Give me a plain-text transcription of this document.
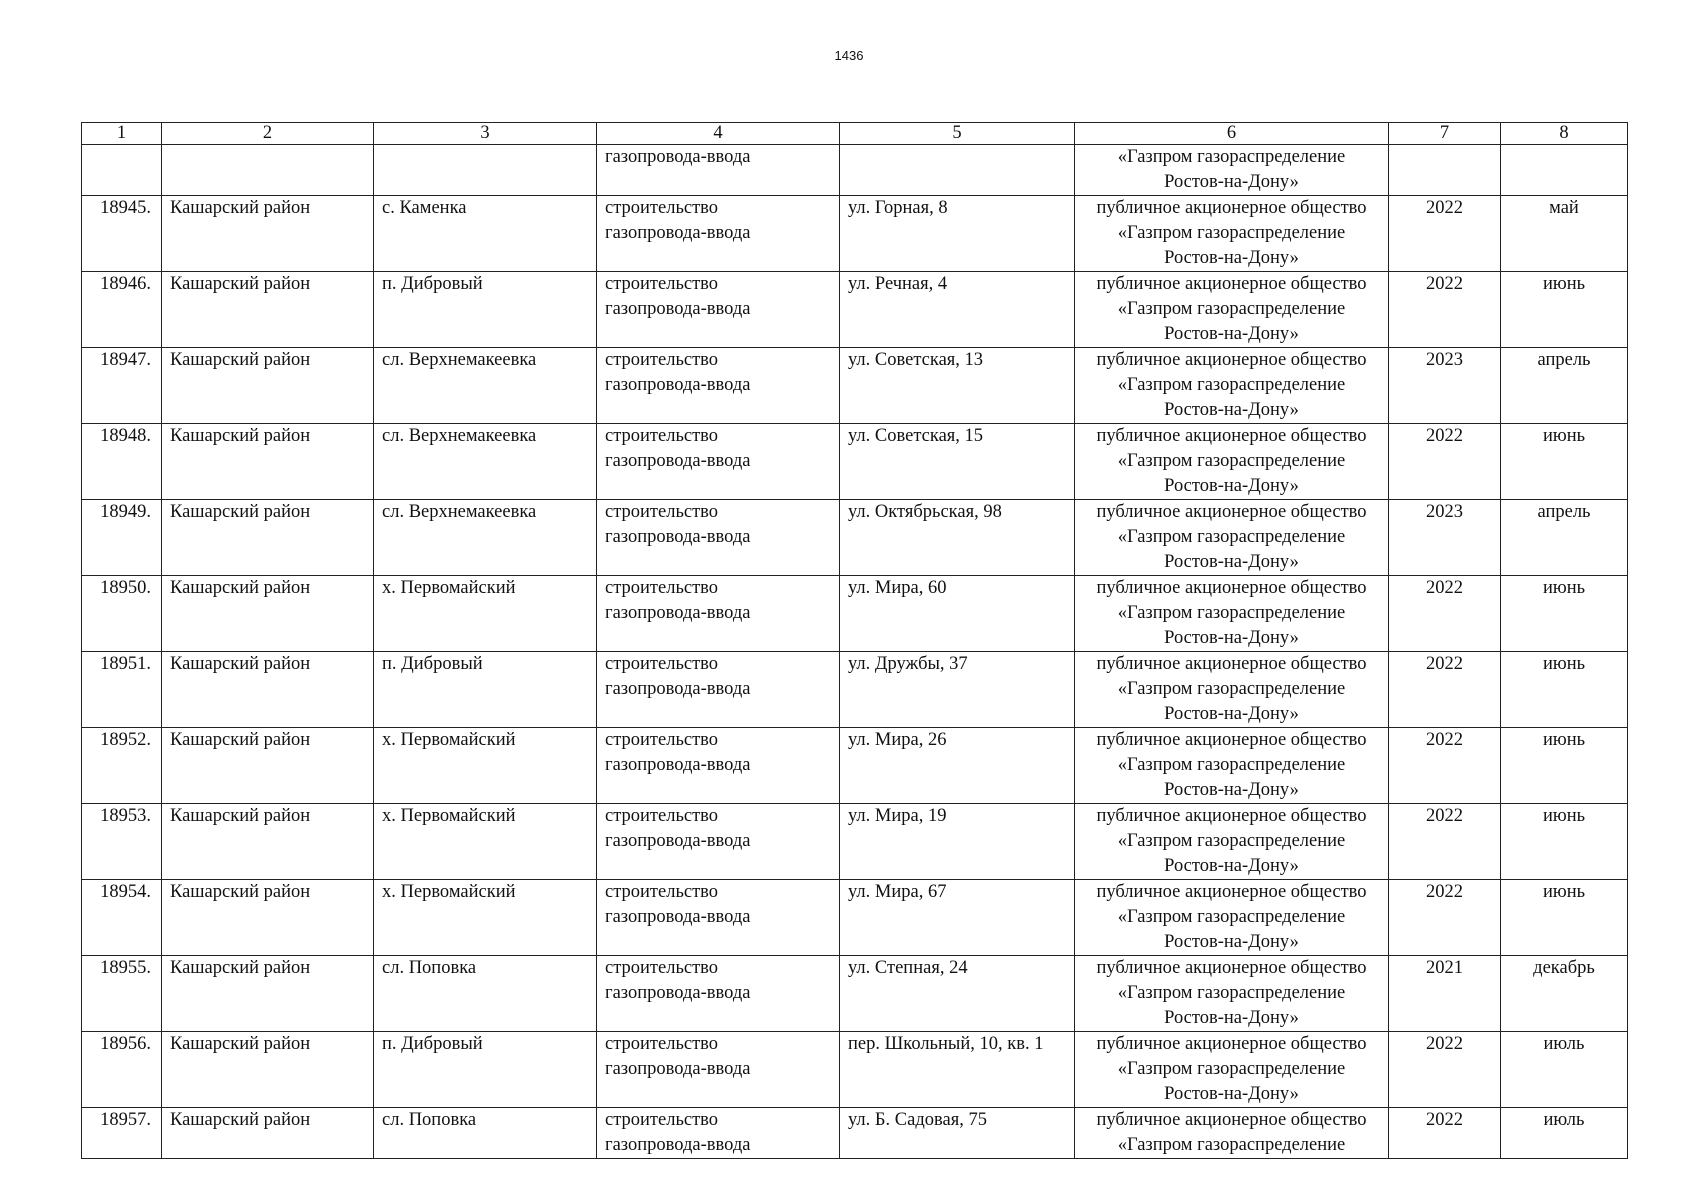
1436
1	2	3	4	5	6	7	8

			газопровода-ввода		«Газпром газораспределение
Ростов-на-Дону»		

18945.	Кашарский район	с. Каменка	строительство
газопровода-ввода	ул. Горная, 8	публичное акционерное общество
«Газпром газораспределение
Ростов-на-Дону»	2022	май
18946.	Кашарский район	п. Дибровый	строительство
газопровода-ввода	ул. Речная, 4	публичное акционерное общество
«Газпром газораспределение
Ростов-на-Дону»	2022	июнь
18947.	Кашарский район	сл. Верхнемакеевка	строительство
газопровода-ввода	ул. Советская, 13	публичное акционерное общество
«Газпром газораспределение
Ростов-на-Дону»	2023	апрель
18948.	Кашарский район	сл. Верхнемакеевка	строительство
газопровода-ввода	ул. Советская, 15	публичное акционерное общество
«Газпром газораспределение
Ростов-на-Дону»	2022	июнь
18949.	Кашарский район	сл. Верхнемакеевка	строительство
газопровода-ввода	ул. Октябрьская, 98	публичное акционерное общество
«Газпром газораспределение
Ростов-на-Дону»	2023	апрель
18950.	Кашарский район	х. Первомайский	строительство
газопровода-ввода	ул. Мира, 60	публичное акционерное общество
«Газпром газораспределение
Ростов-на-Дону»	2022	июнь
18951.	Кашарский район	п. Дибровый	строительство
газопровода-ввода	ул. Дружбы, 37	публичное акционерное общество
«Газпром газораспределение
Ростов-на-Дону»	2022	июнь
18952.	Кашарский район	х. Первомайский	строительство
газопровода-ввода	ул. Мира, 26	публичное акционерное общество
«Газпром газораспределение
Ростов-на-Дону»	2022	июнь
18953.	Кашарский район	х. Первомайский	строительство
газопровода-ввода	ул. Мира, 19	публичное акционерное общество
«Газпром газораспределение
Ростов-на-Дону»	2022	июнь
18954.	Кашарский район	х. Первомайский	строительство
газопровода-ввода	ул. Мира, 67	публичное акционерное общество
«Газпром газораспределение
Ростов-на-Дону»	2022	июнь
18955.	Кашарский район	сл. Поповка	строительство
газопровода-ввода	ул. Степная, 24	публичное акционерное общество
«Газпром газораспределение
Ростов-на-Дону»	2021	декабрь
18956.	Кашарский район	п. Дибровый	строительство
газопровода-ввода	пер. Школьный, 10, кв. 1	публичное акционерное общество
«Газпром газораспределение
Ростов-на-Дону»	2022	июль
18957.	Кашарский район	сл. Поповка	строительство
газопровода-ввода	ул. Б. Садовая, 75	публичное акционерное общество
«Газпром газораспределение	2022	июль
